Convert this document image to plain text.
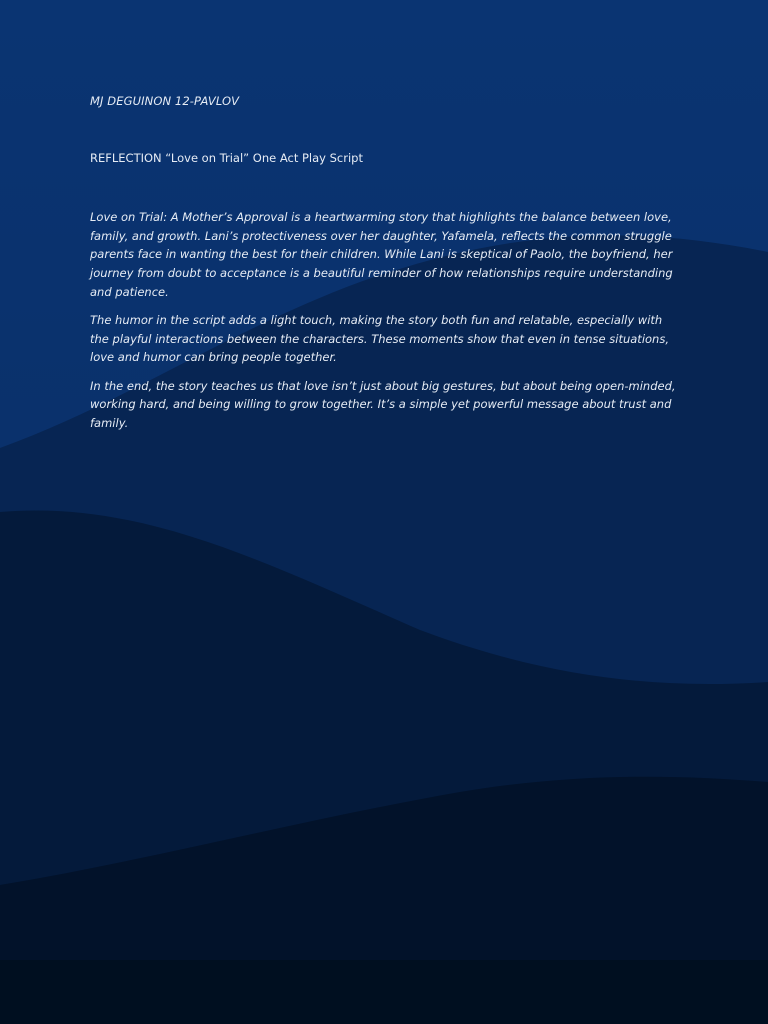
MJ DEGUINON 12-PAVLOV
REFLECTION “Love on Trial” One Act Play Script

Love on Trial: A Mother’s Approval is a heartwarming story that highlights the balance between love, family, and growth. Lani’s protectiveness over her daughter, Yafamela, reflects the common struggle parents face in wanting the best for their children. While Lani is skeptical of Paolo, the boyfriend, her journey from doubt to acceptance is a beautiful reminder of how relationships require understanding and patience.

The humor in the script adds a light touch, making the story both fun and relatable, especially with the playful interactions between the characters. These moments show that even in tense situations, love and humor can bring people together.

In the end, the story teaches us that love isn’t just about big gestures, but about being open-minded, working hard, and being willing to grow together. It’s a simple yet powerful message about trust and family.
